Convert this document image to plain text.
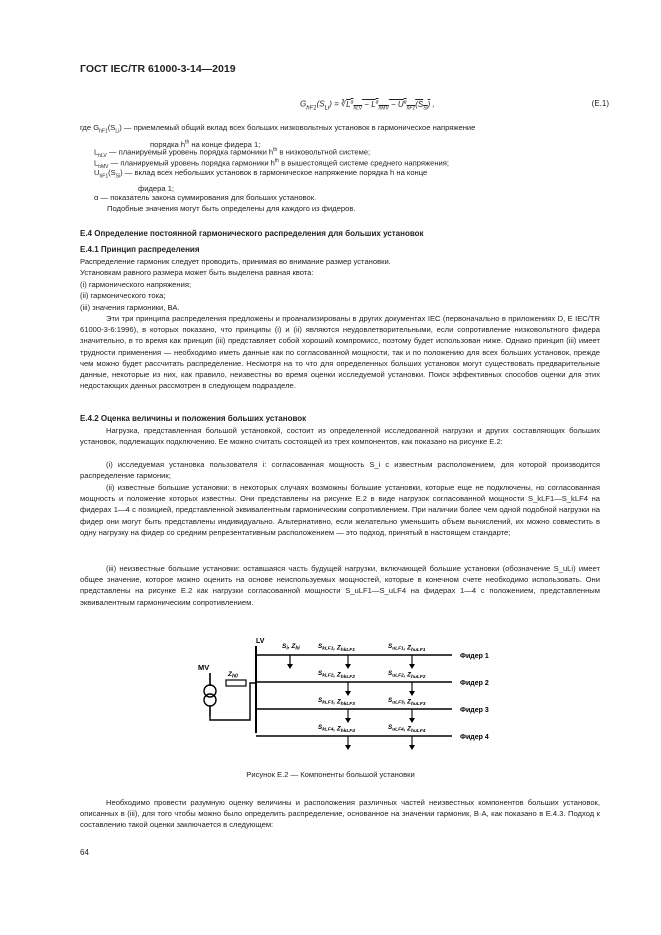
ГОСТ IEC/TR 61000-3-14—2019
$G_{hF1}(S_{Li})$ = $∛L^\alpha_{hLV} - L^\alpha_{hMV} - U^\alpha_{hF1}(S_{Si})$ ,	(Е.1)
где $G_{hF1}(S_{Li})$ — приемлемый общий вклад всех больших низковольтных установок в гармоническое напряжение
порядка $h^{th}$ на конце фидера 1;
$L_{hLV}$ — планируемый уровень порядка гармоники $h^{th}$ в низковольтной системе;
$L_{hMV}$ — планируемый уровень порядка гармоники $h^{th}$ в вышестоящей системе среднего напряжения;
$U_{hF1}(S_{Si})$ — вклад всех небольших установок в гармоническое напряжение порядка h на конце
фидера 1;
α — показатель закона суммирования для больших установок.
Подобные значения могут быть определены для каждого из фидеров.
Е.4 Определение постоянной гармонического распределения для больших установок
Е.4.1 Принцип распределения
Распределение гармоник следует проводить, принимая во внимание размер установки.
Установкам равного размера может быть выделена равная квота:
(i) гармонического напряжения;
(ii) гармонического тока;
(iii) значения гармоники, ВА.
Эти три принципа распределения предложены и проанализированы в других документах IEC (первоначально в приложениях D, E IEC/TR 61000-3-6:1996), в которых показано, что принципы (i) и (ii) являются неудовлетворительными, если сопротивление низковольтного фидера значительно, в то время как принцип (iii) представляет собой хороший компромисс, поэтому будет использован ниже. Однако принцип (iii) имеет трудности применения — необходимо иметь данные как по согласованной мощности, так и по положению для всех больших установок, прежде чем можно будет рассчитать распределение. Несмотря на то что для определенных больших установок могут существовать предварительные данные, некоторые из них, как правило, неизвестны во время оценки исследуемой установки. Поиск эффективных способов оценки для этих недостающих данных рассмотрен в следующем подразделе.
Е.4.2 Оценка величины и положения больших установок
Нагрузка, представленная большой установкой, состоит из определенной исследованной нагрузки и других составляющих больших установок, подлежащих подключению. Ее можно считать состоящей из трех компонентов, как показано на рисунке Е.2:
(i) исследуемая установка пользователя i: согласованная мощность S_i с известным расположением, для которой производится распределение гармоник;
(ii) известные большие установки: в некоторых случаях возможны большие установки, которые еще не подключены, но согласованная мощность и положение которых известны. Они представлены на рисунке Е.2 в виде нагрузок согласованной мощности S_kLF1—S_kLF4 на фидерах 1—4 с позицией, представленной эквивалентным гармоническим сопротивлением. При наличии более чем одной подобной нагрузки на фидер они могут быть представлены индивидуально. Альтернативно, если желательно уменьшить объем вычислений, их можно совместить в одну нагрузку на фидер со средним репрезентативным расположением — это подход, принятый в настоящем стандарте;
(iii) неизвестные большие установки: оставшаяся часть будущей нагрузки, включающей большие установки (обозначение S_uLi) имеет общее значение, которое можно оценить на основе неиспользуемых мощностей, которые в конечном счете необходимо использовать. Они представлены на рисунке Е.2 как нагрузки согласованной мощности S_uLF1—S_uLF4 на фидерах 1—4 с положением, представленным эквивалентным гармоническим сопротивлением.
MV
$Z_{h0}$
LV
$S_i$, $Z_{hi}$	$S_{kLF1}$, $Z_{hkLF1}$
$S_{uLF1}$, $Z_{huLF1}$
Фидер 1
$S_{kLF2}$, $Z_{hkLF2}$
$S_{uLF2}$, $Z_{huLF2}$
Фидер 2
$S_{kLF3}$, $Z_{hkLF3}$
$S_{uLF3}$, $Z_{huLF3}$
Фидер 3
$S_{kLF4}$, $Z_{hkLF4}$
$S_{uLF4}$, $Z_{huLF4}$
Фидер 4
Рисунок Е.2 — Компоненты большой установки
Необходимо провести разумную оценку величины и расположения различных частей неизвестных компонентов больших установок, описанных в (iii), для того чтобы можно было определить распределение, основанное на значении гармоник, В·А, как показано в Е.4.3. Подход к составлению такой оценки заключается в следующем:
64
